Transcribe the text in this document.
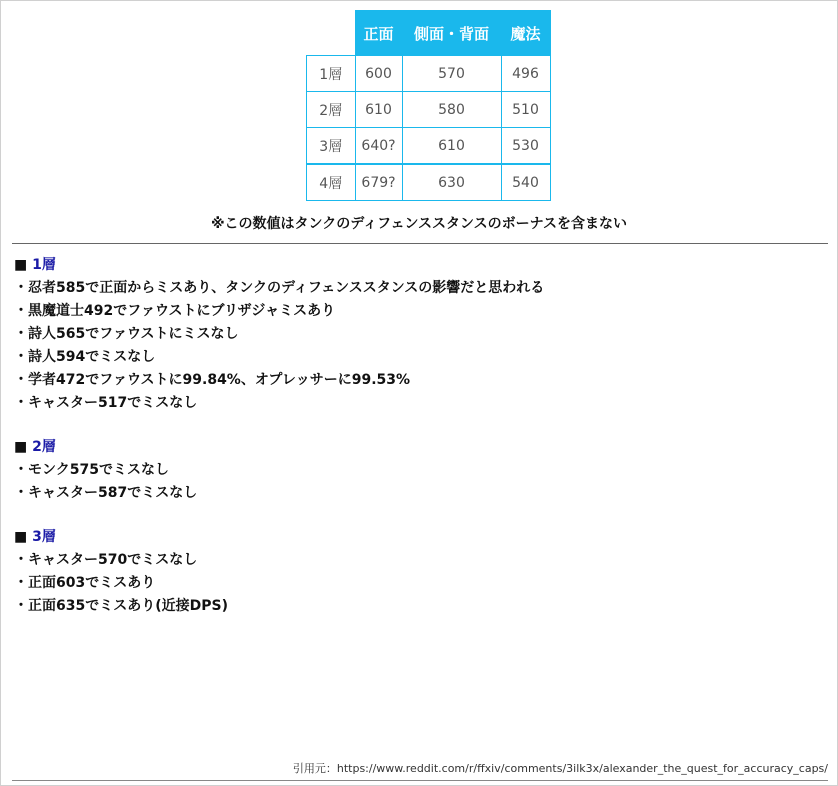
	正面	側面・背面	魔法
1層	600	570	496
2層	610	580	510
3層	640?	610	530
4層	679?	630	540
※この数値はタンクのディフェンススタンスのボーナスを含まない
■ 1層
・忍者585で正面からミスあり、タンクのディフェンススタンスの影響だと思われる
・黒魔道士492でファウストにブリザジャミスあり
・詩人565でファウストにミスなし
・詩人594でミスなし
・学者472でファウストに99.84%、オプレッサーに99.53%
・キャスター517でミスなし
■ 2層
・モンク575でミスなし
・キャスター587でミスなし
■ 3層
・キャスター570でミスなし
・正面603でミスあり
・正面635でミスあり(近接DPS)
引用元：https://www.reddit.com/r/ffxiv/comments/3ilk3x/alexander_the_quest_for_accuracy_caps/
